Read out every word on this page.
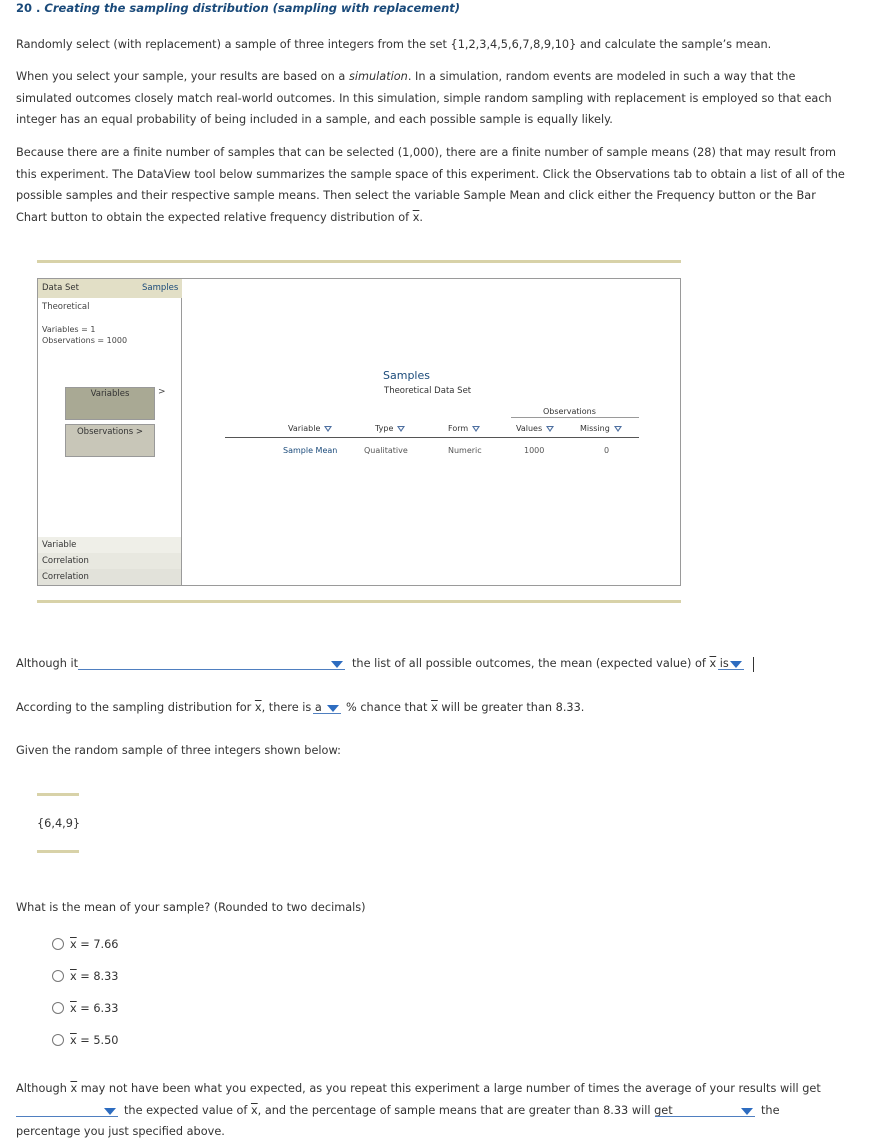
20 . Creating the sampling distribution (sampling with replacement)
Randomly select (with replacement) a sample of three integers from the set {1,2,3,4,5,6,7,8,9,10} and calculate the sample’s mean.
When you select your sample, your results are based on a simulation. In a simulation, random events are modeled in such a way that the simulated outcomes closely match real-world outcomes. In this simulation, simple random sampling with replacement is employed so that each integer has an equal probability of being included in a sample, and each possible sample is equally likely.
Because there are a finite number of samples that can be selected (1,000), there are a finite number of sample means (28) that may result from this experiment. The DataView tool below summarizes the sample space of this experiment. Click the Observations tab to obtain a list of all of the possible samples and their respective sample means. Then select the variable Sample Mean and click either the Frequency button or the Bar Chart button to obtain the expected relative frequency distribution of $\overline{x}$.
Data Set	Samples
Theoretical
Variables = 1
Observations = 1000
Variables	>
Observations >
Variable
Correlation
Correlation
Samples
Theoretical Data Set
Observations
Variable	Type	Form	Values	Missing
Sample Mean	Qualitative	Numeric	1000	0
Although it	the list of all possible outcomes, the mean (expected value) of $\overline{x}$ is
According to the sampling distribution for $\overline{x}$, there is a % chance that $\overline{x}$ will be greater than 8.33.
Given the random sample of three integers shown below:
{6,4,9}
What is the mean of your sample? (Rounded to two decimals)
$\overline{x} = 7.66$
$\overline{x} = 8.33$
$\overline{x} = 6.33$
$\overline{x} = 5.50$
Although $\overline{x}$ may not have been what you expected, as you repeat this experiment a large number of times the average of your results will get
the expected value of $\overline{x}$, and the percentage of sample means that are greater than 8.33 will get	the
percentage you just specified above.
